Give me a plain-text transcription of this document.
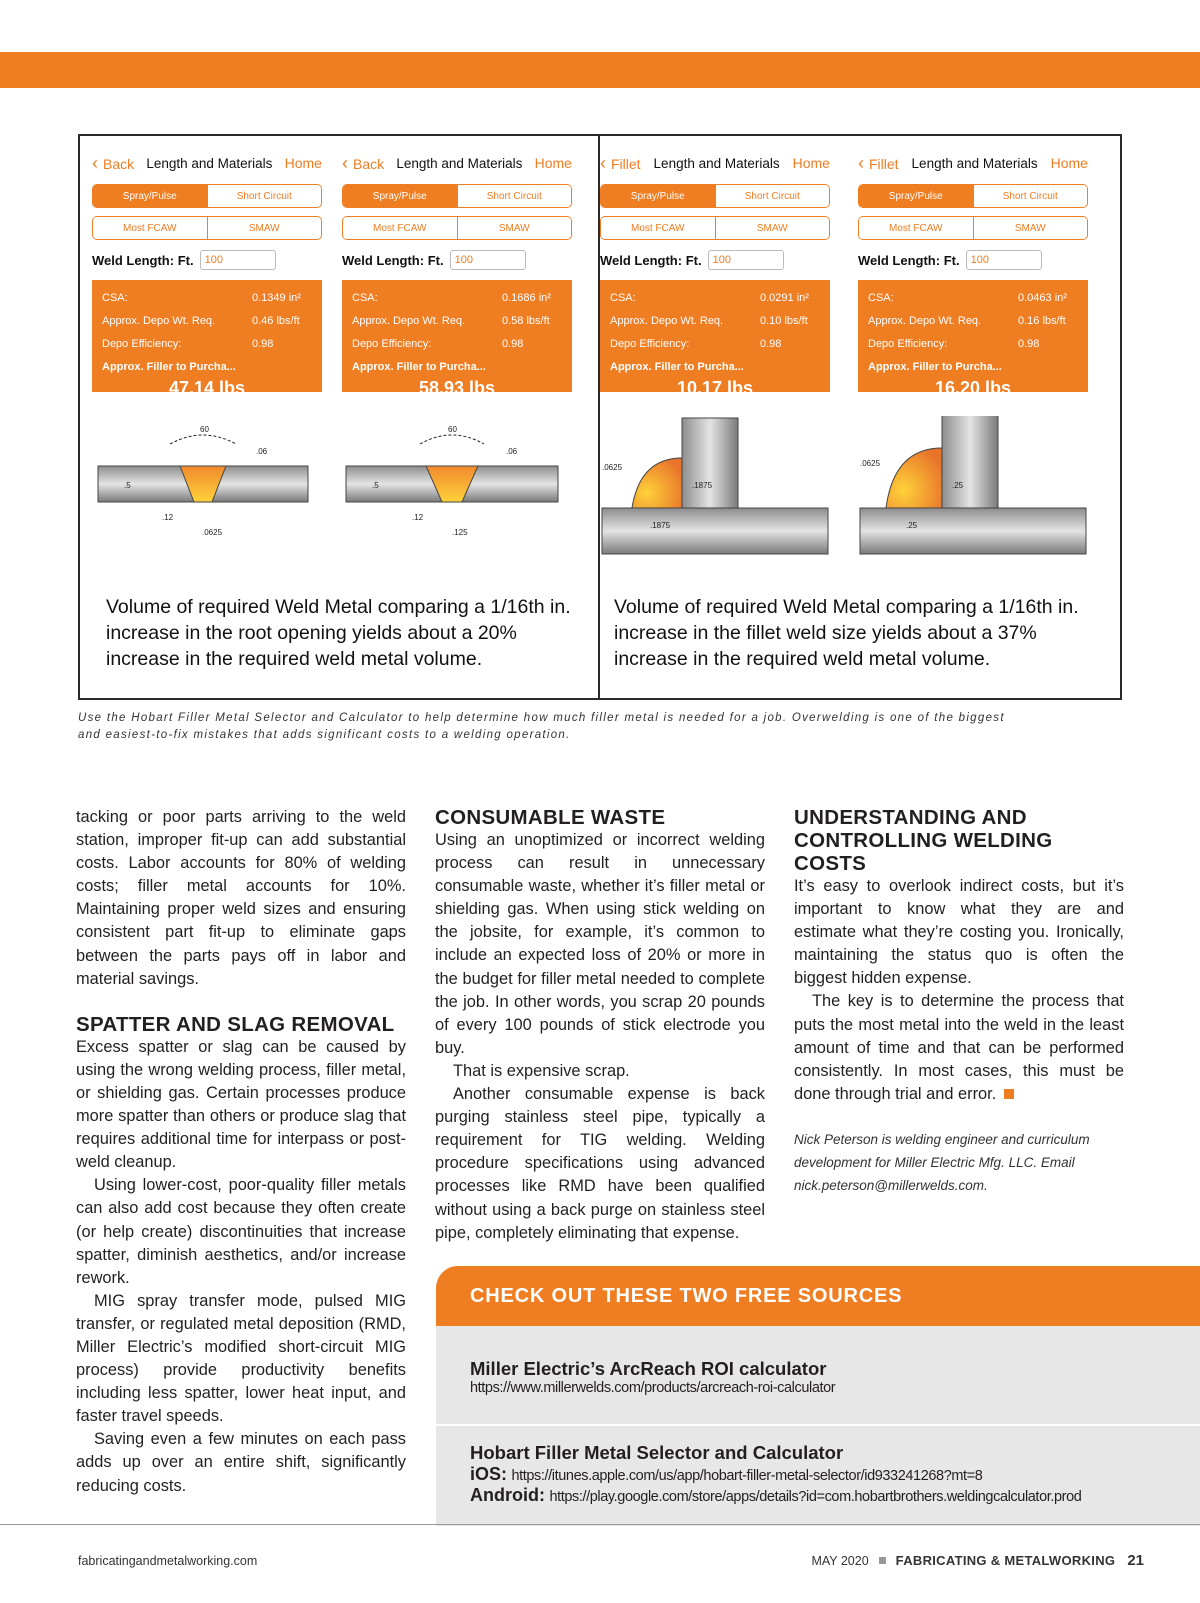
‹ Back Length and Materials Home
Spray/Pulse	Short Circuit
Most FCAW	SMAW
Weld Length: Ft.	100
CSA:	0.1349 in²
Approx. Depo Wt. Req.	0.46 lbs/ft
Depo Efficiency:	0.98
Approx. Filler to Purcha...
47.14 lbs
‹ Back Length and Materials Home
Spray/Pulse	Short Circuit
Most FCAW	SMAW
Weld Length: Ft.	100
CSA:	0.1686 in²
Approx. Depo Wt. Req.	0.58 lbs/ft
Depo Efficiency:	0.98
Approx. Filler to Purcha...
58.93 lbs
‹ Fillet Length and Materials Home
Spray/Pulse	Short Circuit
Most FCAW	SMAW
Weld Length: Ft.	100
CSA:	0.0291 in²
Approx. Depo Wt. Req.	0.10 lbs/ft
Depo Efficiency:	0.98
Approx. Filler to Purcha...
10.17 lbs
‹ Fillet Length and Materials Home
Spray/Pulse	Short Circuit
Most FCAW	SMAW
Weld Length: Ft.	100
CSA:	0.0463 in²
Approx. Depo Wt. Req.	0.16 lbs/ft
Depo Efficiency:	0.98
Approx. Filler to Purcha...
16.20 lbs
60
.06
.5
.12
.0625
60
.06
.5
.12
.125
.0625
.1875
.1875
.0625
.25
.25
Volume of required Weld Metal comparing a 1/16th in. increase in the root opening yields about a 20% increase in the required weld metal volume.
Volume of required Weld Metal comparing a 1/16th in. increase in the fillet weld size yields about a 37% increase in the required weld metal volume.
Use the Hobart Filler Metal Selector and Calculator to help determine how much filler metal is needed for a job. Overwelding is one of the biggest and easiest-to-fix mistakes that adds significant costs to a welding operation.

tacking or poor parts arriving to the weld station, improper fit-up can add substantial costs. Labor accounts for 80% of welding costs; filler metal accounts for 10%. Maintaining proper weld sizes and ensuring consistent part fit-up to eliminate gaps between the parts pays off in labor and material savings.

SPATTER AND SLAG REMOVAL

Excess spatter or slag can be caused by using the wrong welding process, filler metal, or shielding gas. Certain processes produce more spatter than others or produce slag that requires additional time for interpass or post-weld cleanup.

Using lower-cost, poor-quality filler metals can also add cost because they often create (or help create) discontinuities that increase spatter, diminish aesthetics, and/or increase rework.

MIG spray transfer mode, pulsed MIG transfer, or regulated metal deposition (RMD, Miller Electric’s modified short-circuit MIG process) provide productivity benefits including less spatter, lower heat input, and faster travel speeds.

Saving even a few minutes on each pass adds up over an entire shift, significantly reducing costs.

CONSUMABLE WASTE

Using an unoptimized or incorrect welding process can result in unnecessary consumable waste, whether it’s filler metal or shielding gas. When using stick welding on the jobsite, for example, it’s common to include an expected loss of 20% or more in the budget for filler metal needed to complete the job. In other words, you scrap 20 pounds of every 100 pounds of stick electrode you buy.

That is expensive scrap.

Another consumable expense is back purging stainless steel pipe, typically a requirement for TIG welding. Welding procedure specifications using advanced processes like RMD have been qualified without using a back purge on stainless steel pipe, completely eliminating that expense.

UNDERSTANDING AND CONTROLLING WELDING COSTS

It’s easy to overlook indirect costs, but it’s important to know what they are and estimate what they’re costing you. Ironically, maintaining the status quo is often the biggest hidden expense.

The key is to determine the process that puts the most metal into the weld in the least amount of time and that can be performed consistently. In most cases, this must be done through trial and error.

Nick Peterson is welding engineer and curriculum development for Miller Electric Mfg. LLC. Email nick.peterson@millerwelds.com.
CHECK OUT THESE TWO FREE SOURCES
Miller Electric’s ArcReach ROI calculator
https://www.millerwelds.com/products/arcreach-roi-calculator
Hobart Filler Metal Selector and Calculator
iOS: https://itunes.apple.com/us/app/hobart-filler-metal-selector/id933241268?mt=8
Android: https://play.google.com/store/apps/details?id=com.hobartbrothers.weldingcalculator.prod
fabricatingandmetalworking.com	MAY 2020 FABRICATING & METALWORKING 21
